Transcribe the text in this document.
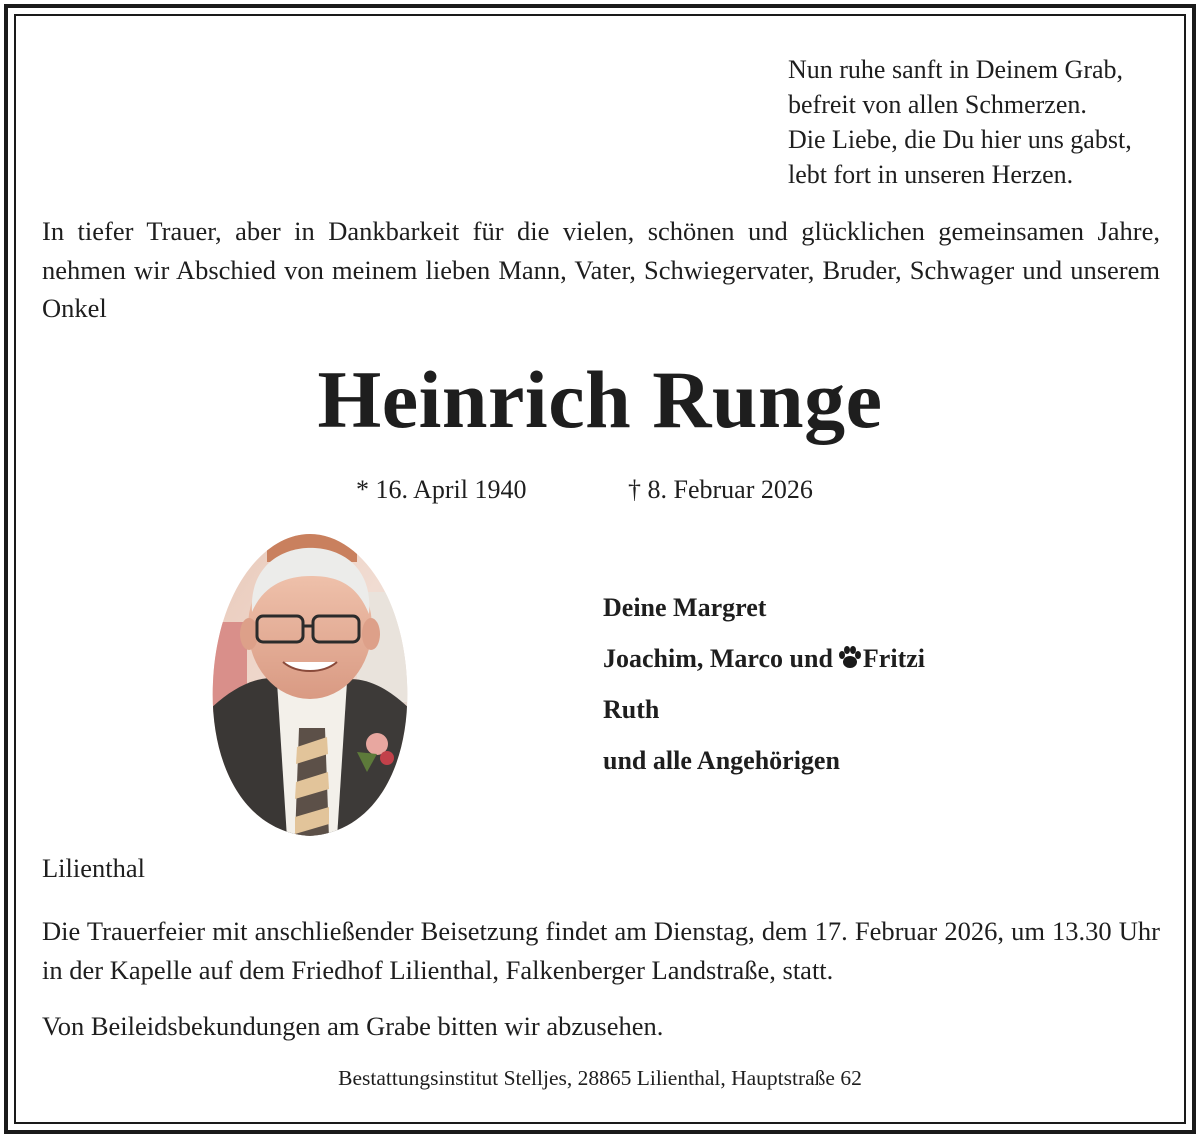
Nun ruhe sanft in Deinem Grab,
befreit von allen Schmerzen.
Die Liebe, die Du hier uns gabst,
lebt fort in unseren Herzen.
In tiefer Trauer, aber in Dankbarkeit für die vielen, schönen und glücklichen gemeinsamen Jahre, nehmen wir Abschied von meinem lieben Mann, Vater, Schwiegervater, Bruder, Schwager und unserem Onkel
Heinrich Runge
* 16. April 1940	† 8. Februar 2026
Deine Margret
Joachim, Marco und Fritzi
Ruth
und alle Angehörigen
Lilienthal
Die Trauerfeier mit anschließender Beisetzung findet am Dienstag, dem 17. Februar 2026, um 13.30 Uhr in der Kapelle auf dem Friedhof Lilienthal, Falkenberger Landstraße, statt.
Von Beileidsbekundungen am Grabe bitten wir abzusehen.
Bestattungsinstitut Stelljes, 28865 Lilienthal, Hauptstraße 62
